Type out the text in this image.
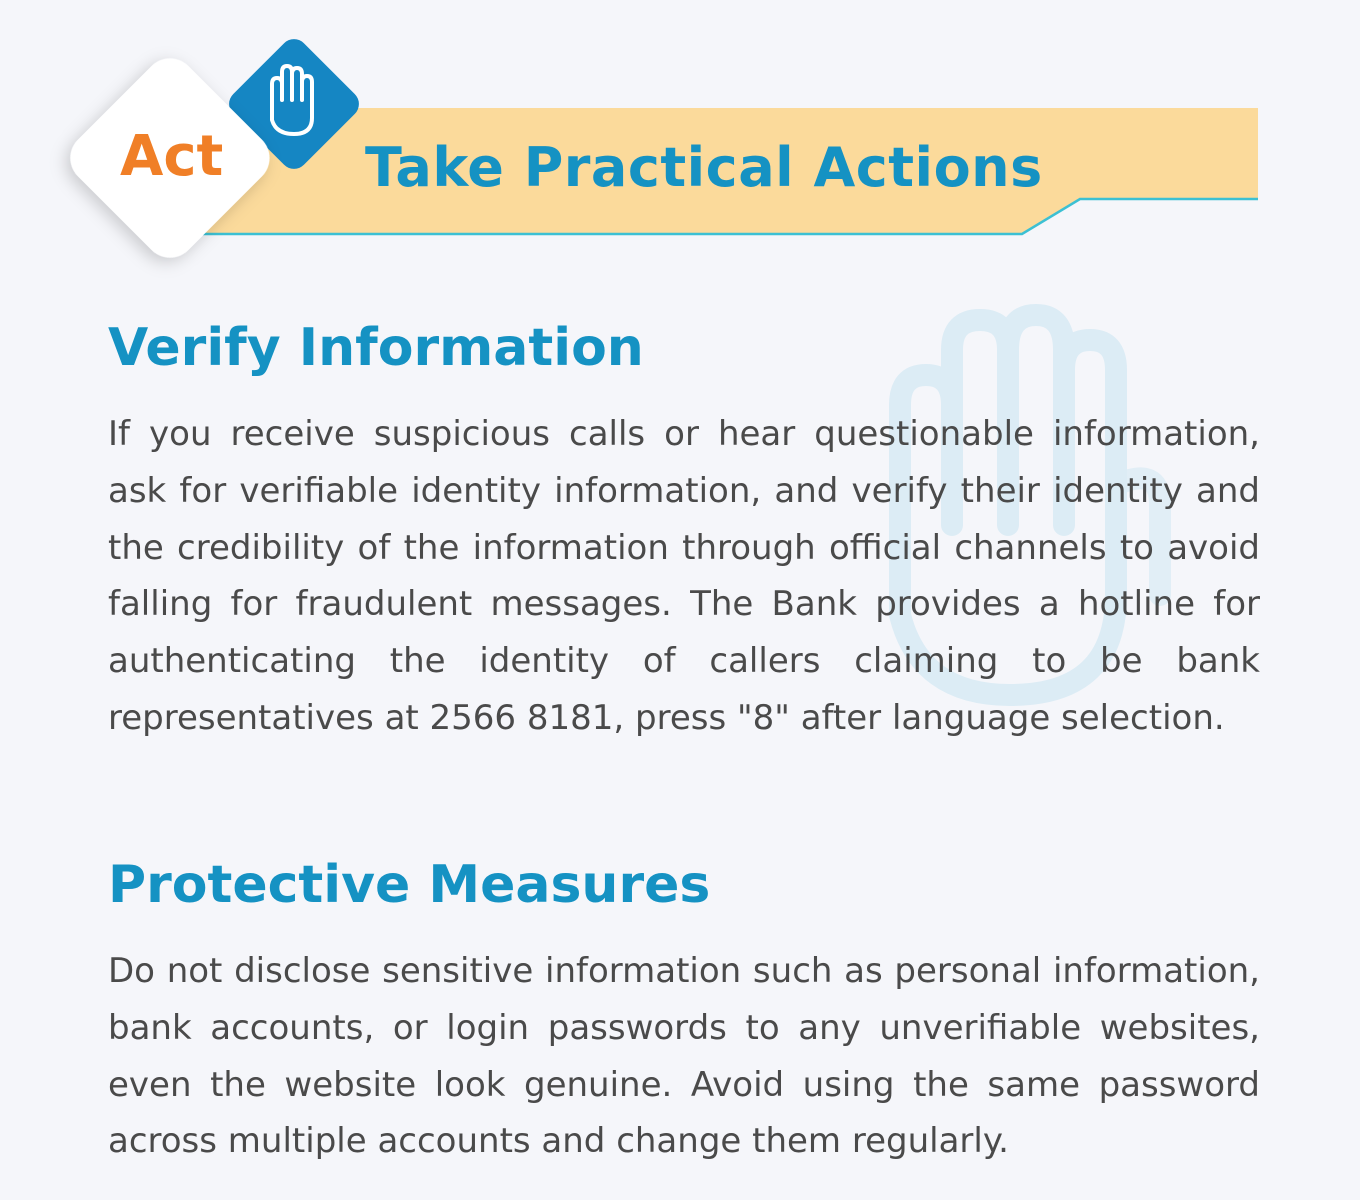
Act	Take Practical Actions
Verify Information

If you receive suspicious calls or hear questionable information, ask for verifiable identity information, and verify their identity and the credibility of the information through official channels to avoid falling for fraudulent messages. The Bank provides a hotline for authenticating the identity of callers claiming to be bank representatives at 2566 8181, press "8" after language selection.

Protective Measures

Do not disclose sensitive information such as personal information, bank accounts, or login passwords to any unverifiable websites, even the website look genuine. Avoid using the same password across multiple accounts and change them regularly.
